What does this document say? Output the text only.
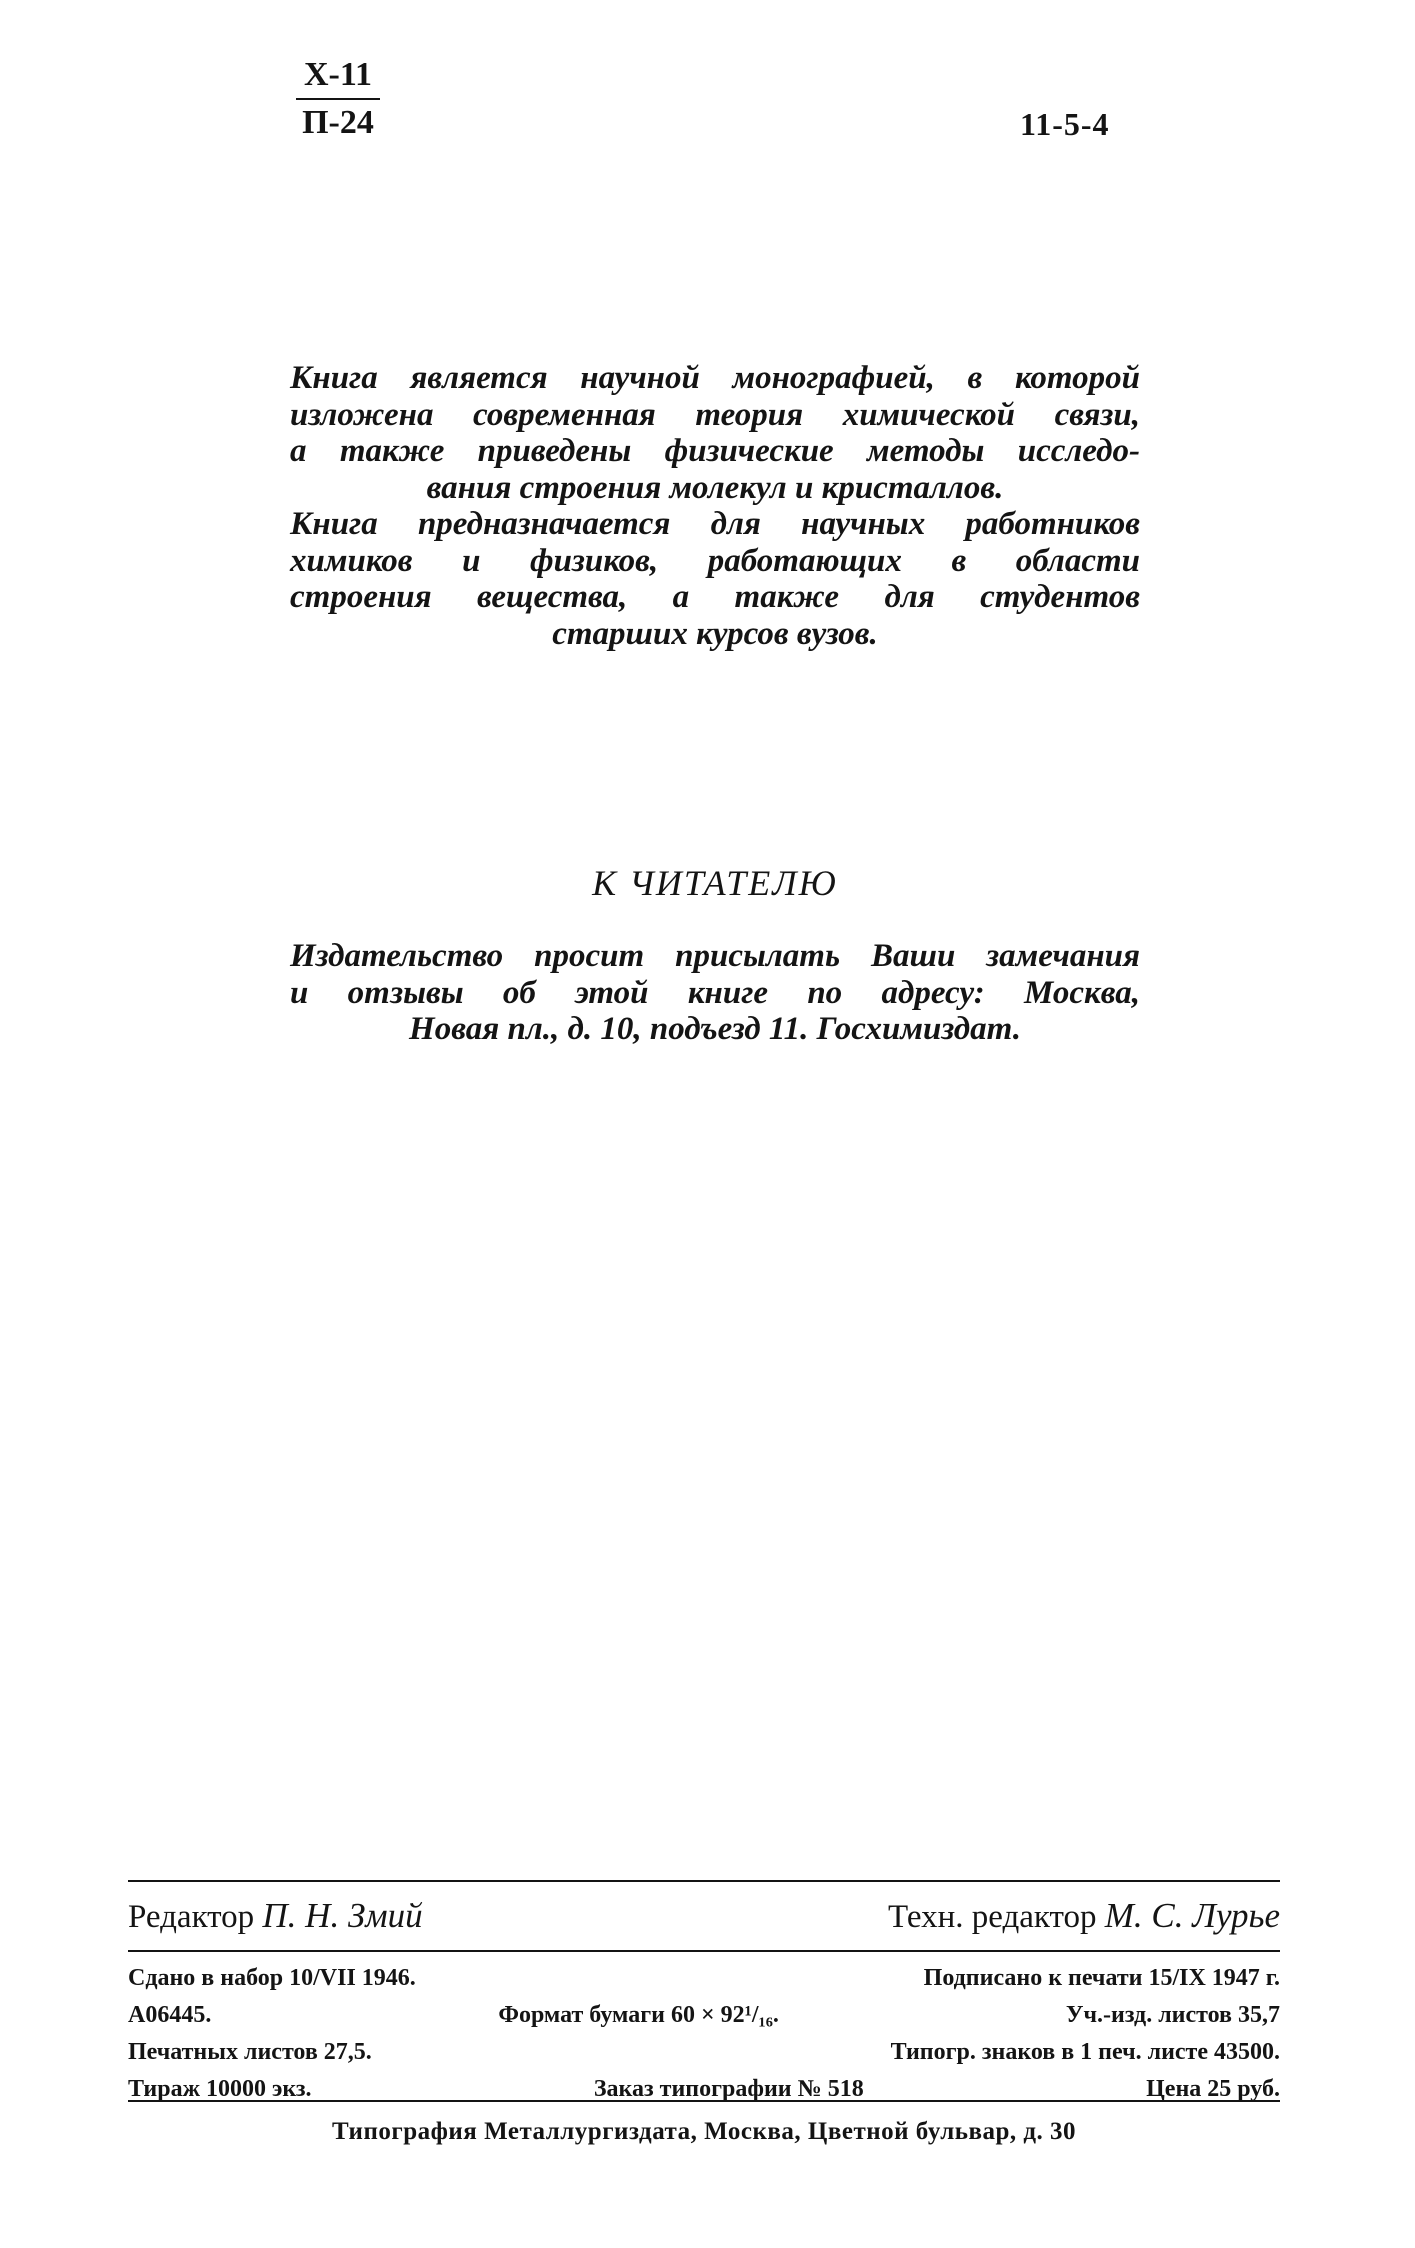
Х-11
П-24	11-5-4
Книга является научной монографией, в которой
изложена современная теория химической связи,
а также приведены физические методы исследо-
вания строения молекул и кристаллов.
Книга предназначается для научных работников
химиков и физиков, работающих в области
строения вещества, а также для студентов
старших курсов вузов.
К ЧИТАТЕЛЮ
Издательство просит присылать Ваши замечания
и отзывы об этой книге по адресу: Москва,
Новая пл., д. 10, подъезд 11. Госхимиздат.
Редактор П. Н. Змий	Техн. редактор М. С. Лурье
Сдано в набор 10/VII 1946.	Подписано к печати 15/IX 1947 г.
А06445.	Формат бумаги 60 × 92¹/₁₆.	Уч.-изд. листов 35,7
Печатных листов 27,5.	Типогр. знаков в 1 печ. листе 43500.
Тираж 10000 экз.	Заказ типографии № 518	Цена 25 руб.
Типография Металлургиздата, Москва, Цветной бульвар, д. 30
